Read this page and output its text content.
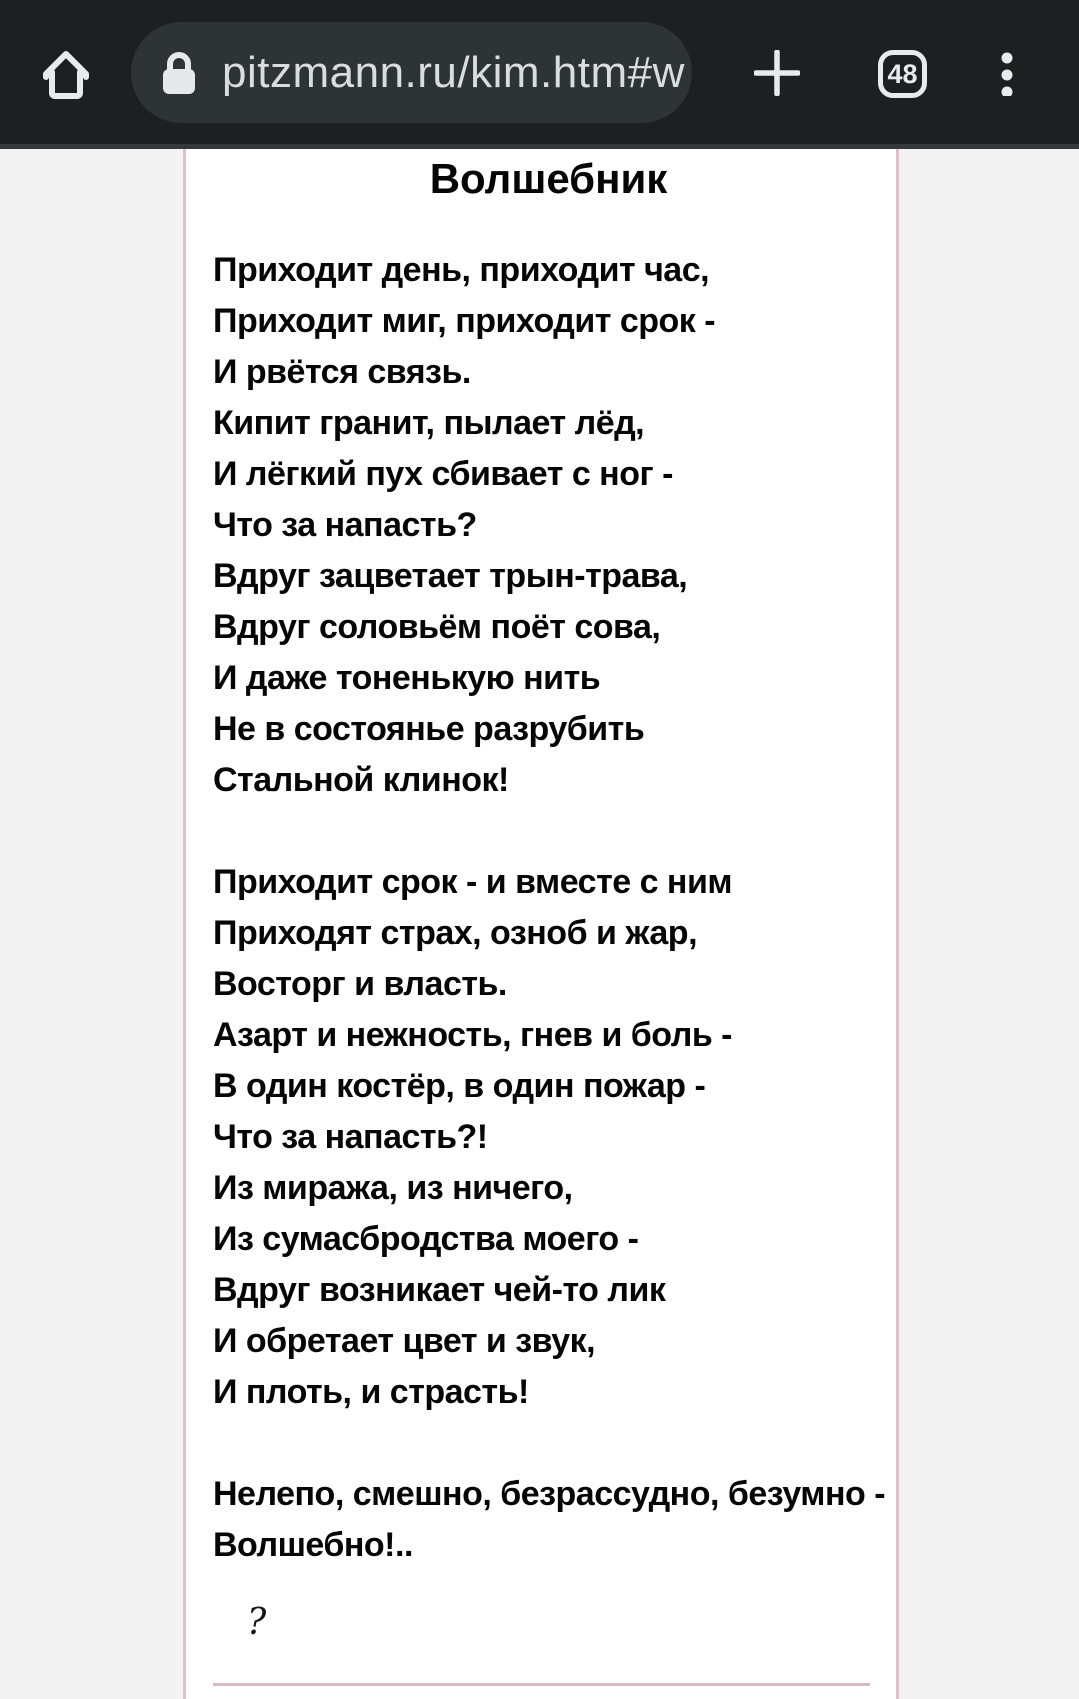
pitzmann.ru/kim.htm#w	48
Волшебник
Приходит день, приходит час,
Приходит миг, приходит срок -
И рвётся связь.
Кипит гранит, пылает лёд,
И лёгкий пух сбивает с ног -
Что за напасть?
Вдруг зацветает трын-трава,
Вдруг соловьём поёт сова,
И даже тоненькую нить
Не в состоянье разрубить
Стальной клинок!
Приходит срок - и вместе с ним
Приходят страх, озноб и жар,
Восторг и власть.
Азарт и нежность, гнев и боль -
В один костёр, в один пожар -
Что за напасть?!
Из миража, из ничего,
Из сумасбродства моего -
Вдруг возникает чей-то лик
И обретает цвет и звук,
И плоть, и страсть!
Нелепо, смешно, безрассудно, безумно -
Волшебно!..

?
